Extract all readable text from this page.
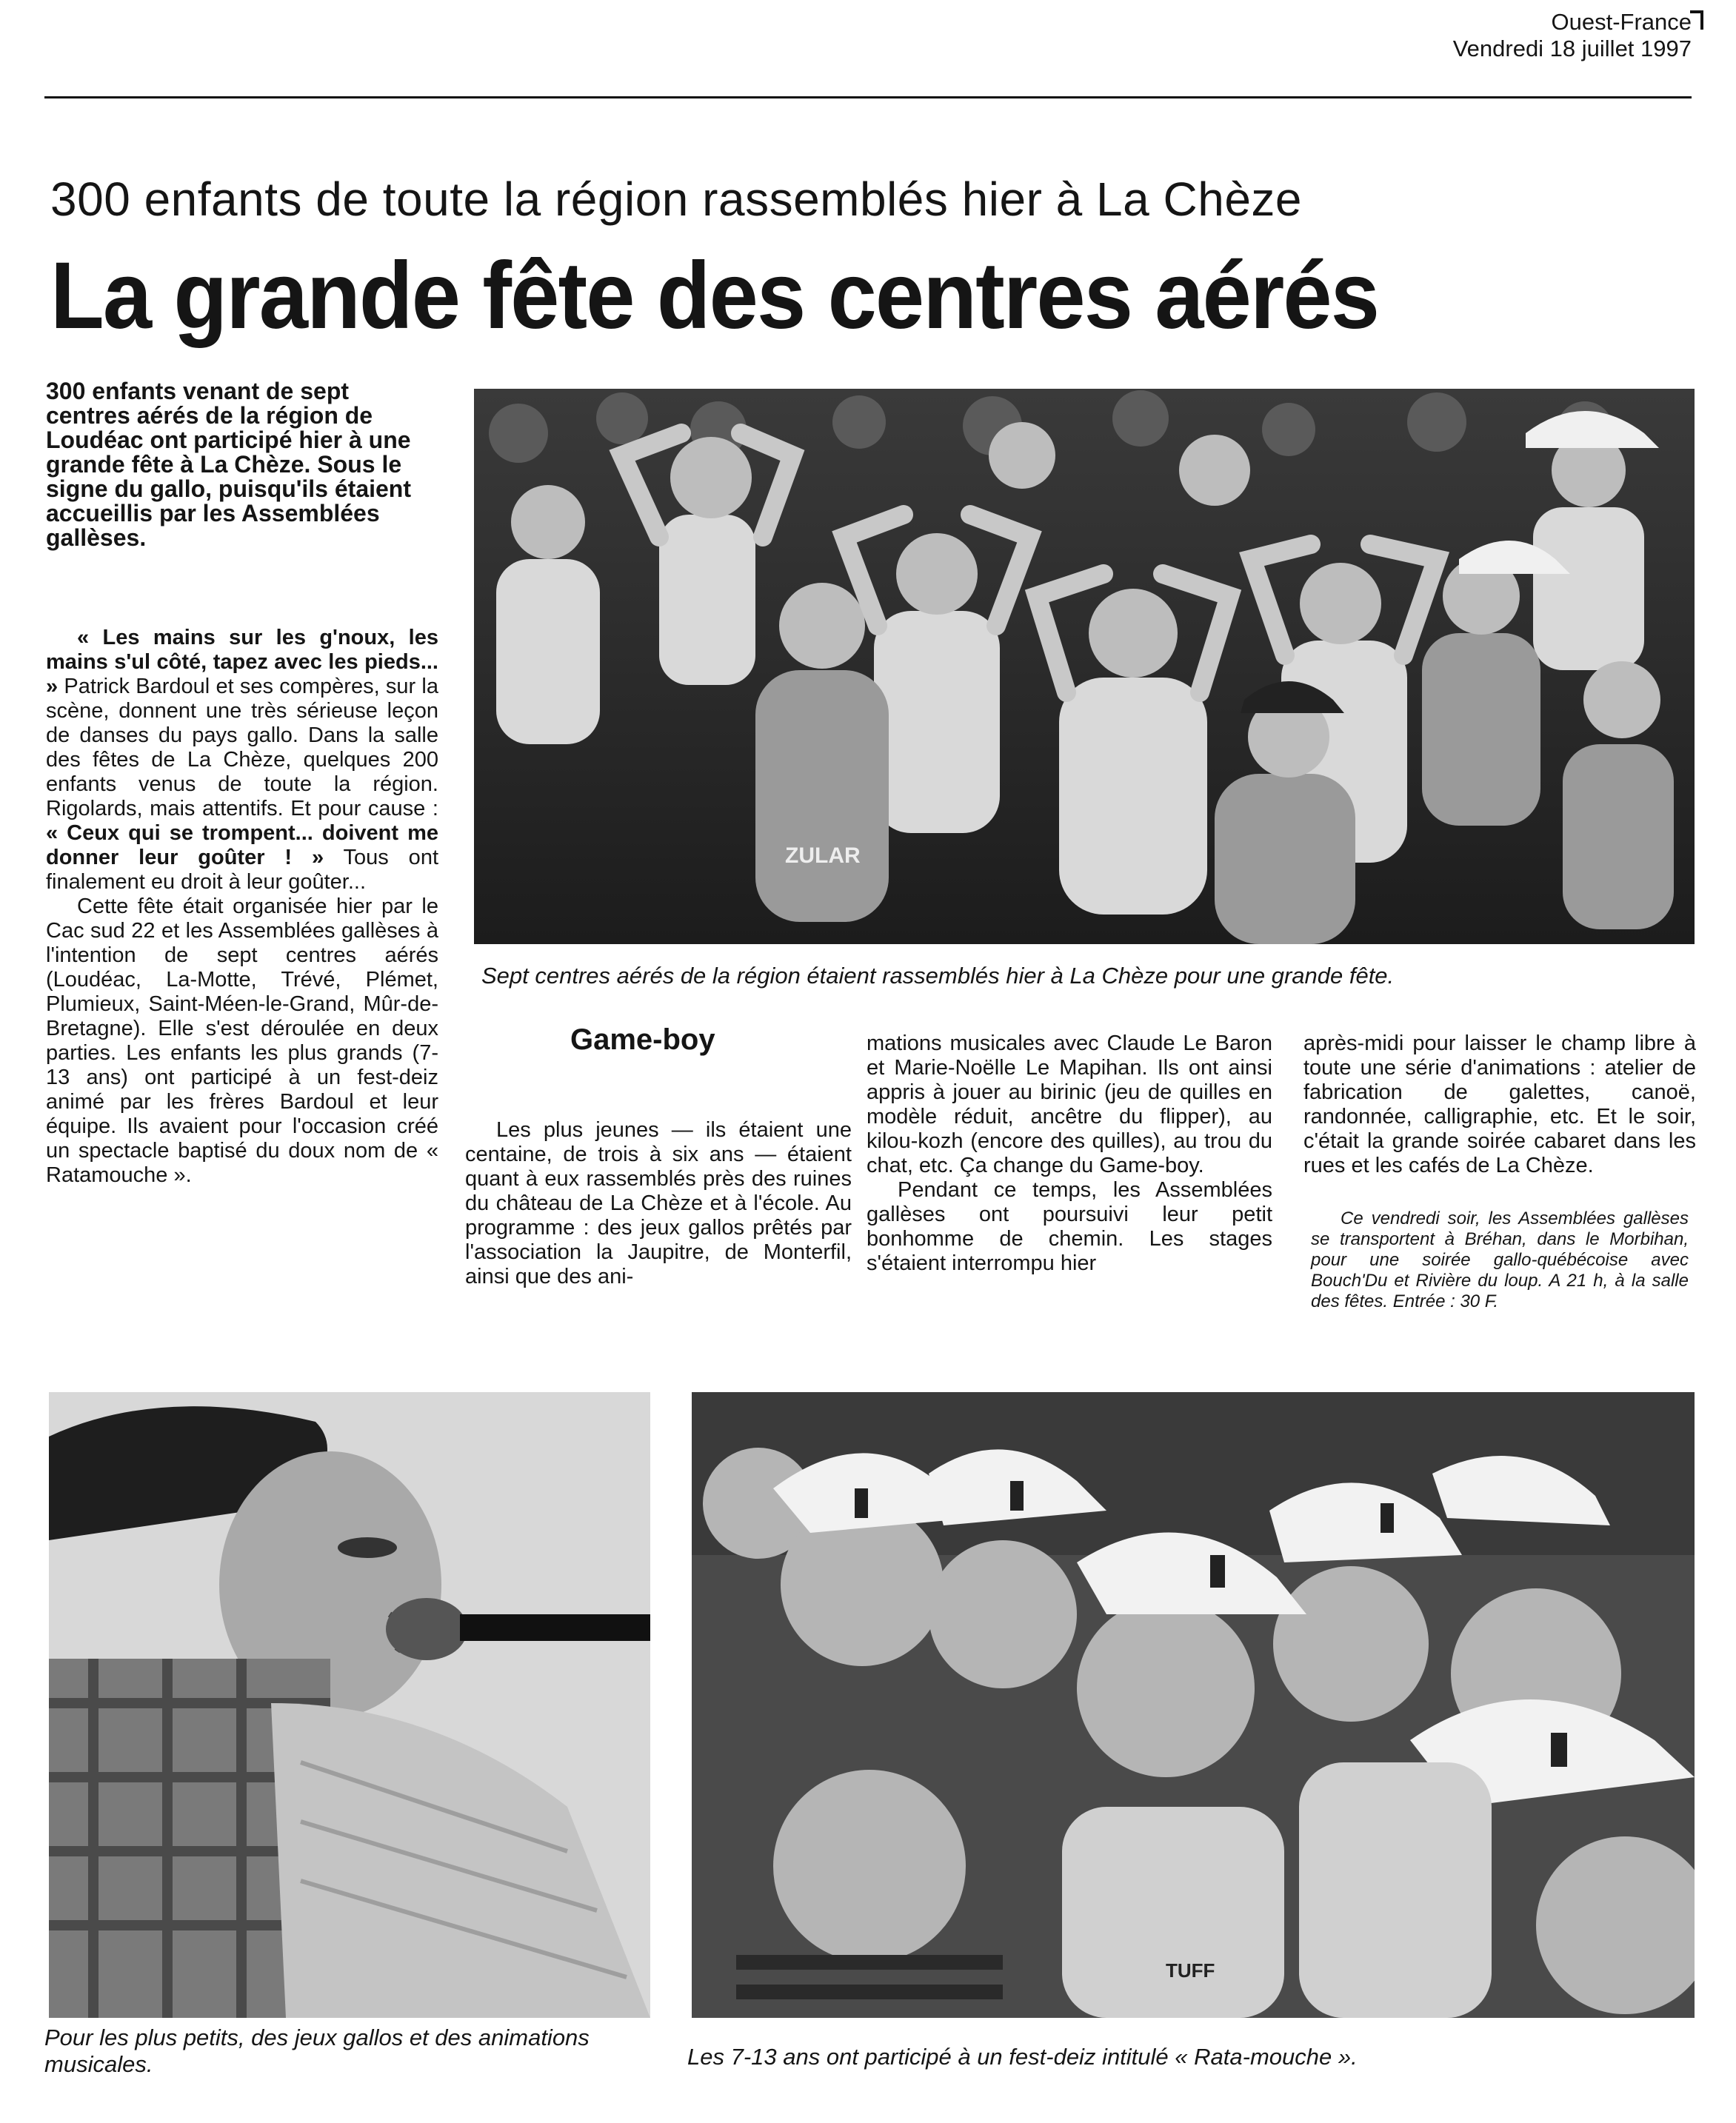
Ouest-France
Vendredi 18 juillet 1997
300 enfants de toute la région rassemblés hier à La Chèze
La grande fête des centres aérés
300 enfants venant de sept centres aérés de la région de Loudéac ont participé hier à une grande fête à La Chèze. Sous le signe du gallo, puisqu'ils étaient accueillis par les Assemblées gallèses.

« Les mains sur les g'noux, les mains s'ul côté, tapez avec les pieds... » Patrick Bardoul et ses compères, sur la scène, donnent une très sérieuse leçon de danses du pays gallo. Dans la salle des fêtes de La Chèze, quelques 200 enfants venus de toute la région. Rigolards, mais attentifs. Et pour cause : « Ceux qui se trompent... doivent me donner leur goûter ! » Tous ont finalement eu droit à leur goûter...

Cette fête était organisée hier par le Cac sud 22 et les Assemblées gallèses à l'intention de sept centres aérés (Loudéac, La-Motte, Trévé, Plémet, Plumieux, Saint-Méen-le-Grand, Mûr-de-Bretagne). Elle s'est déroulée en deux parties. Les enfants les plus grands (7-13 ans) ont participé à un fest-deiz animé par les frères Bardoul et leur équipe. Ils avaient pour l'occasion créé un spectacle baptisé du doux nom de « Ratamouche ».

Game-boy

Les plus jeunes — ils étaient une centaine, de trois à six ans — étaient quant à eux rassemblés près des ruines du château de La Chèze et à l'école. Au programme : des jeux gallos prêtés par l'association la Jaupitre, de Monterfil, ainsi que des ani-

mations musicales avec Claude Le Baron et Marie-Noëlle Le Mapihan. Ils ont ainsi appris à jouer au birinic (jeu de quilles en modèle réduit, ancêtre du flipper), au kilou-kozh (encore des quilles), au trou du chat, etc. Ça change du Game-boy.

Pendant ce temps, les Assemblées gallèses ont poursuivi leur petit bonhomme de chemin. Les stages s'étaient interrompu hier

après-midi pour laisser le champ libre à toute une série d'animations : atelier de fabrication de galettes, canoë, randonnée, calligraphie, etc. Et le soir, c'était la grande soirée cabaret dans les rues et les cafés de La Chèze.

Ce vendredi soir, les Assemblées gallèses se transportent à Bréhan, dans le Morbihan, pour une soirée gallo-québécoise avec Bouch'Du et Rivière du loup. A 21 h, à la salle des fêtes. Entrée : 30 F.

ZULAR
Sept centres aérés de la région étaient rassemblés hier à La Chèze pour une grande fête.
Pour les plus petits, des jeux gallos et des animations musicales.
TUFF
Les 7-13 ans ont participé à un fest-deiz intitulé « Rata-mouche ».
